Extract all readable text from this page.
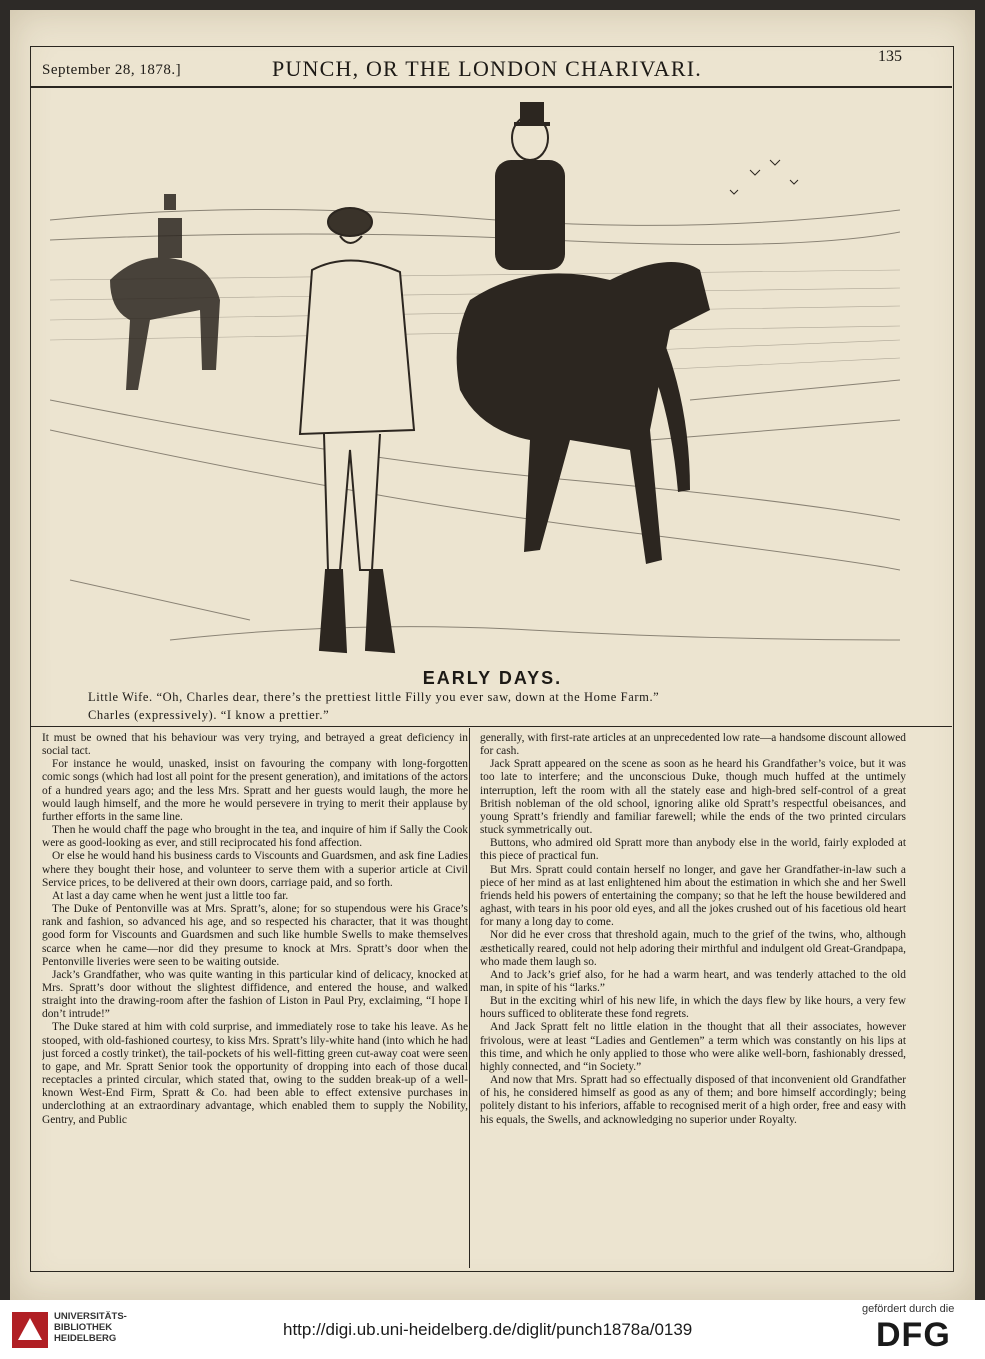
September 28, 1878.]	PUNCH, OR THE LONDON CHARIVARI.	135
EARLY DAYS.
Little Wife. “Oh, Charles dear, there’s the prettiest little Filly you ever saw, down at the Home Farm.”
Charles (expressively). “I know a prettier.”

It must be owned that his behaviour was very trying, and betrayed a great deficiency in social tact.

For instance he would, unasked, insist on favouring the company with long-forgotten comic songs (which had lost all point for the present generation), and imitations of the actors of a hundred years ago; and the less Mrs. Spratt and her guests would laugh, the more he would laugh himself, and the more he would persevere in trying to merit their applause by further efforts in the same line.

Then he would chaff the page who brought in the tea, and inquire of him if Sally the Cook were as good-looking as ever, and still reciprocated his fond affection.

Or else he would hand his business cards to Viscounts and Guardsmen, and ask fine Ladies where they bought their hose, and volunteer to serve them with a superior article at Civil Service prices, to be delivered at their own doors, carriage paid, and so forth.

At last a day came when he went just a little too far.

The Duke of Pentonville was at Mrs. Spratt’s, alone; for so stupendous were his Grace’s rank and fashion, so advanced his age, and so respected his character, that it was thought good form for Viscounts and Guardsmen and such like humble Swells to make themselves scarce when he came—nor did they presume to knock at Mrs. Spratt’s door when the Pentonville liveries were seen to be waiting outside.

Jack’s Grandfather, who was quite wanting in this particular kind of delicacy, knocked at Mrs. Spratt’s door without the slightest diffidence, and entered the house, and walked straight into the drawing-room after the fashion of Liston in Paul Pry, exclaiming, “I hope I don’t intrude!”

The Duke stared at him with cold surprise, and immediately rose to take his leave. As he stooped, with old-fashioned courtesy, to kiss Mrs. Spratt’s lily-white hand (into which he had just forced a costly trinket), the tail-pockets of his well-fitting green cut-away coat were seen to gape, and Mr. Spratt Senior took the opportunity of dropping into each of those ducal receptacles a printed circular, which stated that, owing to the sudden break-up of a well-known West-End Firm, Spratt & Co. had been able to effect extensive purchases in underclothing at an extraordinary advantage, which enabled them to supply the Nobility, Gentry, and Public

generally, with first-rate articles at an unprecedented low rate—a handsome discount allowed for cash.

Jack Spratt appeared on the scene as soon as he heard his Grandfather’s voice, but it was too late to interfere; and the unconscious Duke, though much huffed at the untimely interruption, left the room with all the stately ease and high-bred self-control of a great British nobleman of the old school, ignoring alike old Spratt’s respectful obeisances, and young Spratt’s friendly and familiar farewell; while the ends of the two printed circulars stuck symmetrically out.

Buttons, who admired old Spratt more than anybody else in the world, fairly exploded at this piece of practical fun.

But Mrs. Spratt could contain herself no longer, and gave her Grandfather-in-law such a piece of her mind as at last enlightened him about the estimation in which she and her Swell friends held his powers of entertaining the company; so that he left the house bewildered and aghast, with tears in his poor old eyes, and all the jokes crushed out of his facetious old heart for many a long day to come.

Nor did he ever cross that threshold again, much to the grief of the twins, who, although æsthetically reared, could not help adoring their mirthful and indulgent old Great-Grandpapa, who made them laugh so.

And to Jack’s grief also, for he had a warm heart, and was tenderly attached to the old man, in spite of his “larks.”

But in the exciting whirl of his new life, in which the days flew by like hours, a very few hours sufficed to obliterate these fond regrets.

And Jack Spratt felt no little elation in the thought that all their associates, however frivolous, were at least “Ladies and Gentlemen” a term which was constantly on his lips at this time, and which he only applied to those who were alike well-born, fashionably dressed, highly connected, and “in Society.”

And now that Mrs. Spratt had so effectually disposed of that inconvenient old Grandfather of his, he considered himself as good as any of them; and bore himself accordingly; being politely distant to his inferiors, affable to recognised merit of a high order, free and easy with his equals, the Swells, and acknowledging no superior under Royalty.

UNIVERSITÄTS-
BIBLIOTHEK
HEIDELBERG	http://digi.ub.uni-heidelberg.de/diglit/punch1878a/0139
gefördert durch die
DFG
